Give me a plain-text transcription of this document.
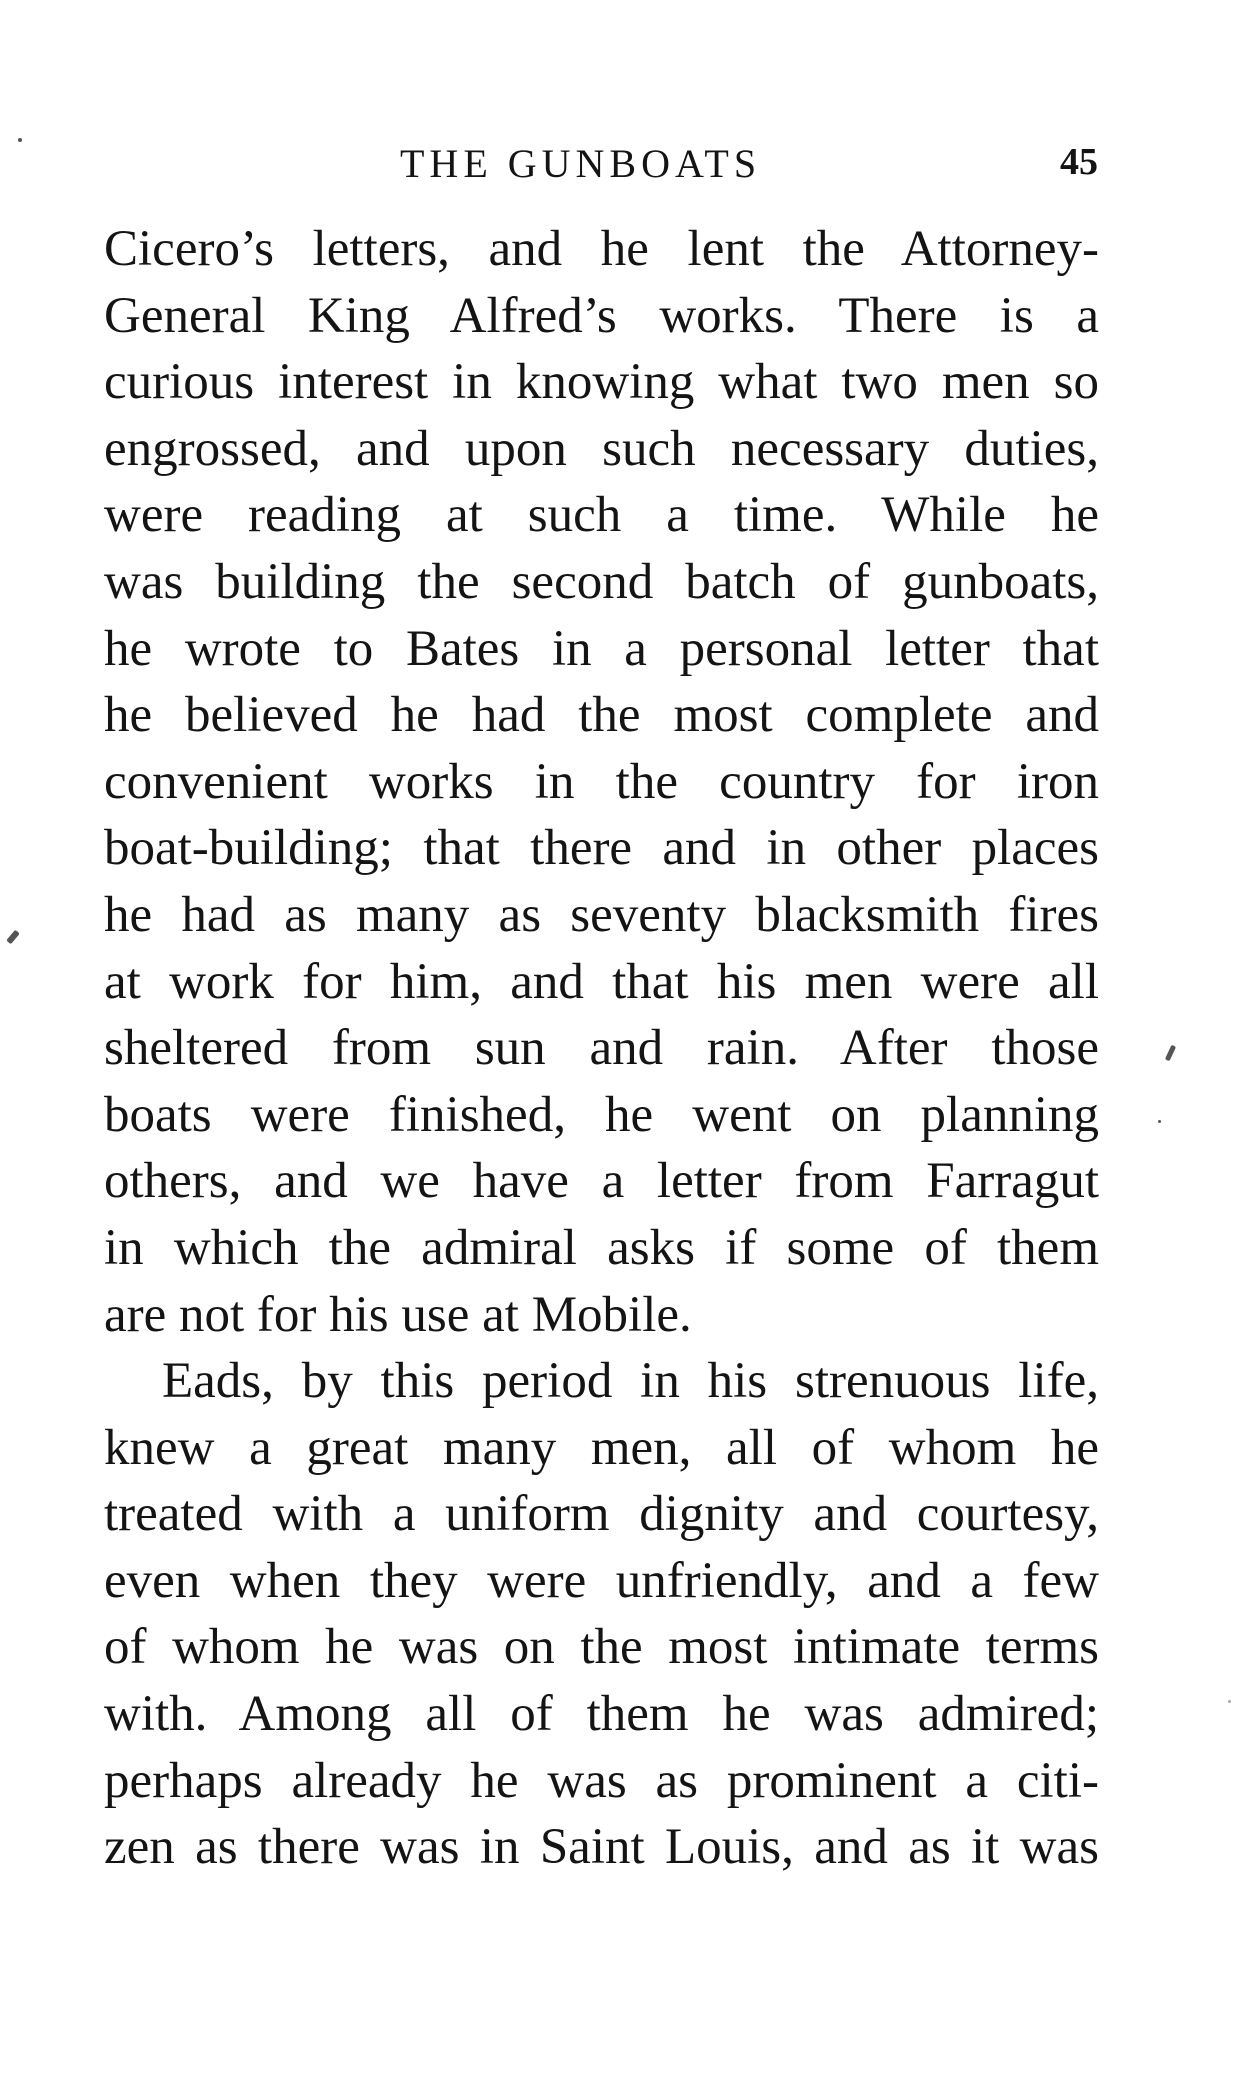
THE GUNBOATS	45
Cicero’s letters, and he lent the Attorney-
General King Alfred’s works. There is a
curious interest in knowing what two men so
engrossed, and upon such necessary duties,
were reading at such a time. While he
was building the second batch of gunboats,
he wrote to Bates in a personal letter that
he believed he had the most complete and
convenient works in the country for iron
boat-building; that there and in other places
he had as many as seventy blacksmith fires
at work for him, and that his men were all
sheltered from sun and rain. After those
boats were finished, he went on planning
others, and we have a letter from Farragut
in which the admiral asks if some of them
are not for his use at Mobile.
Eads, by this period in his strenuous life,
knew a great many men, all of whom he
treated with a uniform dignity and courtesy,
even when they were unfriendly, and a few
of whom he was on the most intimate terms
with. Among all of them he was admired;
perhaps already he was as prominent a citi-
zen as there was in Saint Louis, and as it was
